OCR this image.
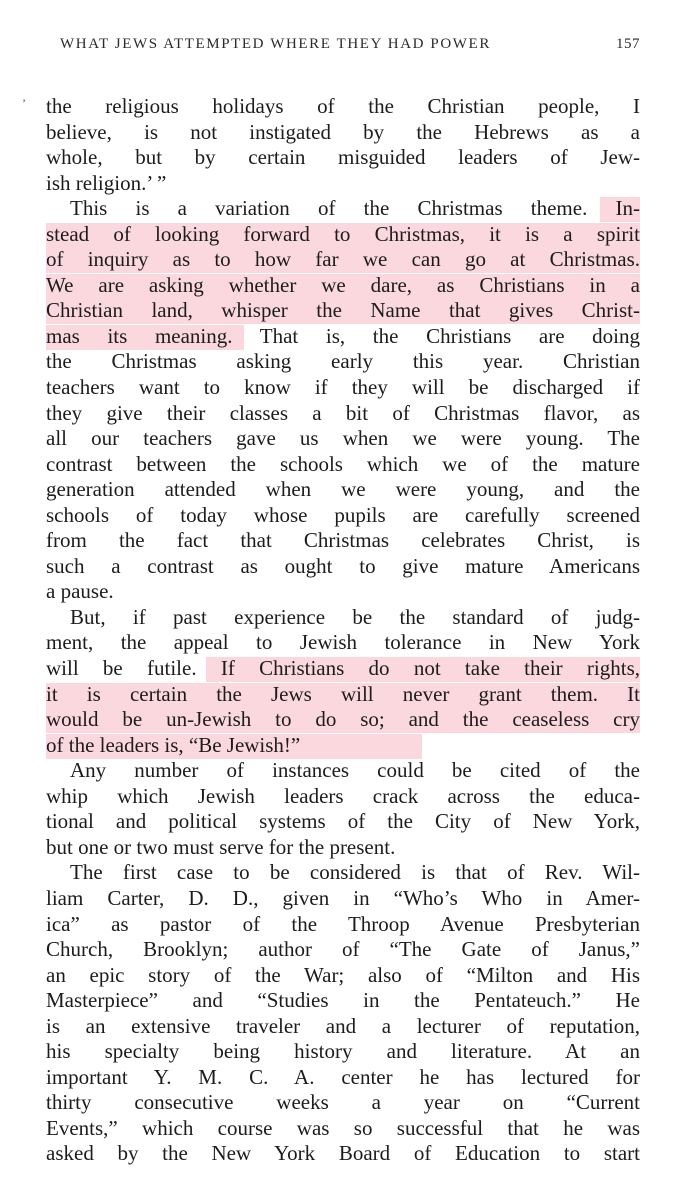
WHAT JEWS ATTEMPTED WHERE THEY HAD POWER	157
’ the religious holidays of the Christian people, I
believe, is not instigated by the Hebrews as a
whole, but by certain misguided leaders of Jew-
ish religion.’ ”
This is a variation of the Christmas theme. In-
stead of looking forward to Christmas, it is a spirit
of inquiry as to how far we can go at Christmas.
We are asking whether we dare, as Christians in a
Christian land, whisper the Name that gives Christ-
mas its meaning. That is, the Christians are doing
the Christmas asking early this year. Christian
teachers want to know if they will be discharged if
they give their classes a bit of Christmas flavor, as
all our teachers gave us when we were young. The
contrast between the schools which we of the mature
generation attended when we were young, and the
schools of today whose pupils are carefully screened
from the fact that Christmas celebrates Christ, is
such a contrast as ought to give mature Americans
a pause.
But, if past experience be the standard of judg-
ment, the appeal to Jewish tolerance in New York
will be futile. If Christians do not take their rights,
it is certain the Jews will never grant them. It
would be un-Jewish to do so; and the ceaseless cry
of the leaders is, “Be Jewish!”
Any number of instances could be cited of the
whip which Jewish leaders crack across the educa-
tional and political systems of the City of New York,
but one or two must serve for the present.
The first case to be considered is that of Rev. Wil-
liam Carter, D. D., given in “Who’s Who in Amer-
ica” as pastor of the Throop Avenue Presbyterian
Church, Brooklyn; author of “The Gate of Janus,”
an epic story of the War; also of “Milton and His
Masterpiece” and “Studies in the Pentateuch.” He
is an extensive traveler and a lecturer of reputation,
his specialty being history and literature. At an
important Y. M. C. A. center he has lectured for
thirty consecutive weeks a year on “Current
Events,” which course was so successful that he was
asked by the New York Board of Education to start
